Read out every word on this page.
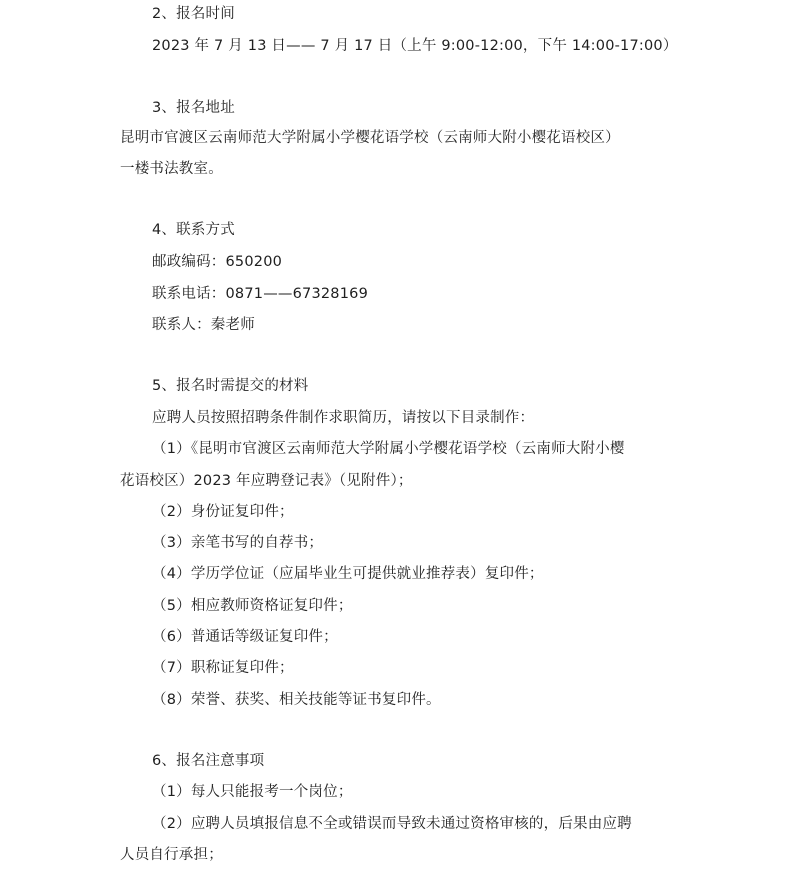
2、报名时间
2023 年 7 月 13 日—— 7 月 17 日（上午 9:00-12:00，下午 14:00-17:00）
3、报名地址
昆明市官渡区云南师范大学附属小学樱花语学校（云南师大附小樱花语校区）
一楼书法教室。
4、联系方式
邮政编码：650200
联系电话：0871——67328169
联系人：秦老师
5、报名时需提交的材料
应聘人员按照招聘条件制作求职简历，请按以下目录制作：
（1）《昆明市官渡区云南师范大学附属小学樱花语学校（云南师大附小樱
花语校区）2023 年应聘登记表》（见附件）；
（2）身份证复印件；
（3）亲笔书写的自荐书；
（4）学历学位证（应届毕业生可提供就业推荐表）复印件；
（5）相应教师资格证复印件；
（6）普通话等级证复印件；
（7）职称证复印件；
（8）荣誉、获奖、相关技能等证书复印件。
6、报名注意事项
（1）每人只能报考一个岗位；
（2）应聘人员填报信息不全或错误而导致未通过资格审核的，后果由应聘
人员自行承担；
